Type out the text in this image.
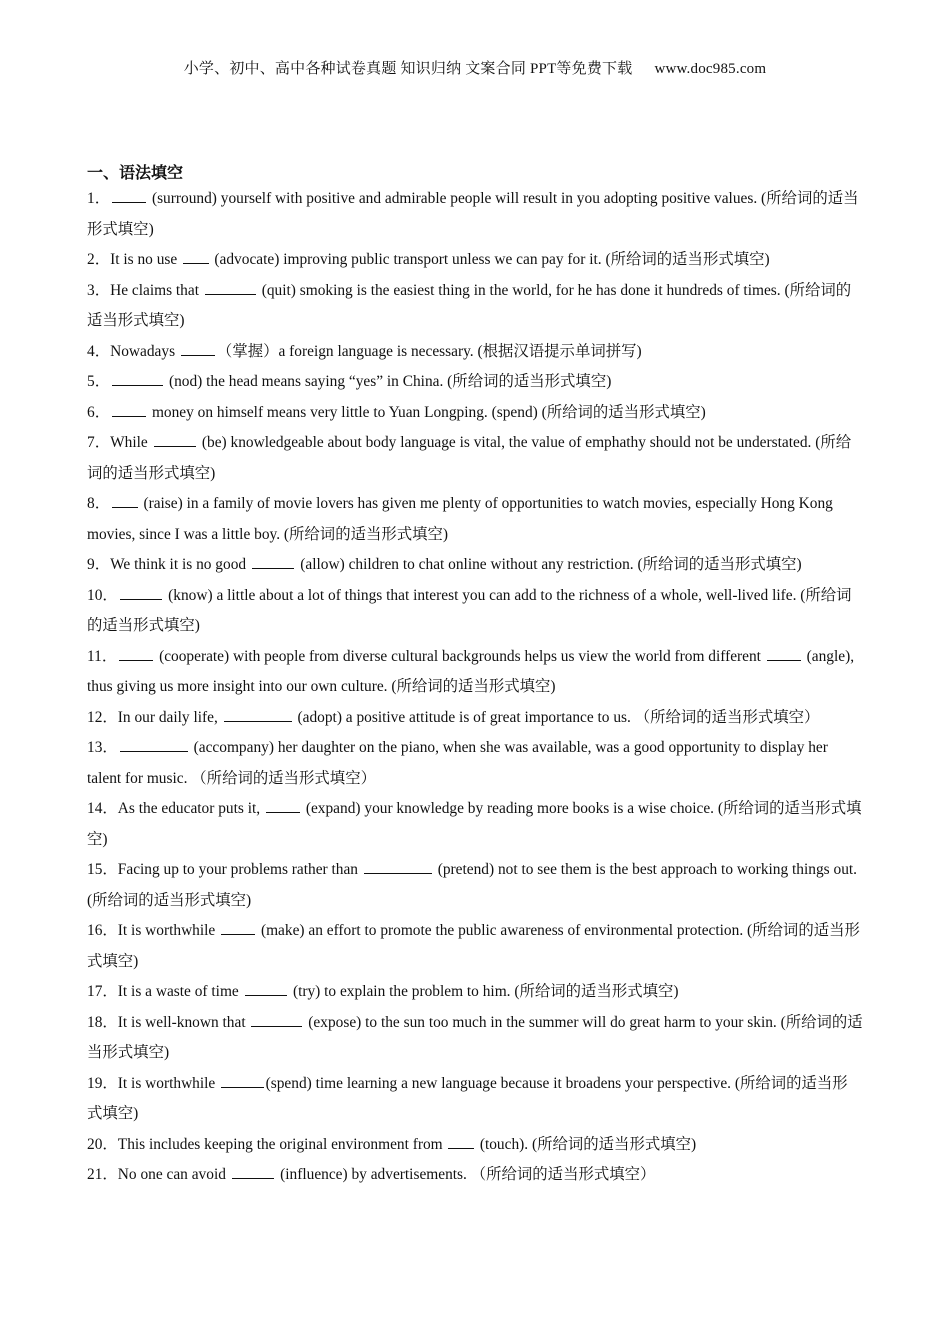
小学、初中、高中各种试卷真题 知识归纳 文案合同 PPT等免费下载 www.doc985.com
一、语法填空

1． (surround) yourself with positive and admirable people will result in you adopting positive values. (所给词的适当形式填空)

2．It is no use  (advocate) improving public transport unless we can pay for it. (所给词的适当形式填空)

3．He claims that	(quit) smoking is the easiest thing in the world, for he has done it hundreds of times. (所给词的适当形式填空)

4．Nowadays （掌握）a foreign language is necessary. (根据汉语提示单词拼写)

5．	(nod) the head means saying “yes” in China. (所给词的适当形式填空)

6． money on himself means very little to Yuan Longping. (spend) (所给词的适当形式填空)

7．While	(be) knowledgeable about body language is vital, the value of emphathy should not be understated. (所给词的适当形式填空)

8． (raise) in a family of movie lovers has given me plenty of opportunities to watch movies, especially Hong Kong movies, since I was a little boy. (所给词的适当形式填空)

9．We think it is no good	(allow) children to chat online without any restriction. (所给词的适当形式填空)

10．	(know) a little about a lot of things that interest you can add to the richness of a whole, well-lived life. (所给词的适当形式填空)

11． (cooperate) with people from diverse cultural backgrounds helps us view the world from different  (angle), thus giving us more insight into our own culture. (所给词的适当形式填空)

12．In our daily life,	(adopt) a positive attitude is of great importance to us. （所给词的适当形式填空）

13．	(accompany) her daughter on the piano, when she was available, was a good opportunity to display her talent for music. （所给词的适当形式填空）

14．As the educator puts it,  (expand) your knowledge by reading more books is a wise choice. (所给词的适当形式填空)

15．Facing up to your problems rather than	(pretend) not to see them is the best approach to working things out. (所给词的适当形式填空)

16．It is worthwhile  (make) an effort to promote the public awareness of environmental protection. (所给词的适当形式填空)

17．It is a waste of time	(try) to explain the problem to him. (所给词的适当形式填空)

18．It is well-known that	(expose) to the sun too much in the summer will do great harm to your skin. (所给词的适当形式填空)

19．It is worthwhile	(spend) time learning a new language because it broadens your perspective. (所给词的适当形式填空)

20．This includes keeping the original environment from  (touch). (所给词的适当形式填空)

21．No one can avoid	(influence) by advertisements. （所给词的适当形式填空）
